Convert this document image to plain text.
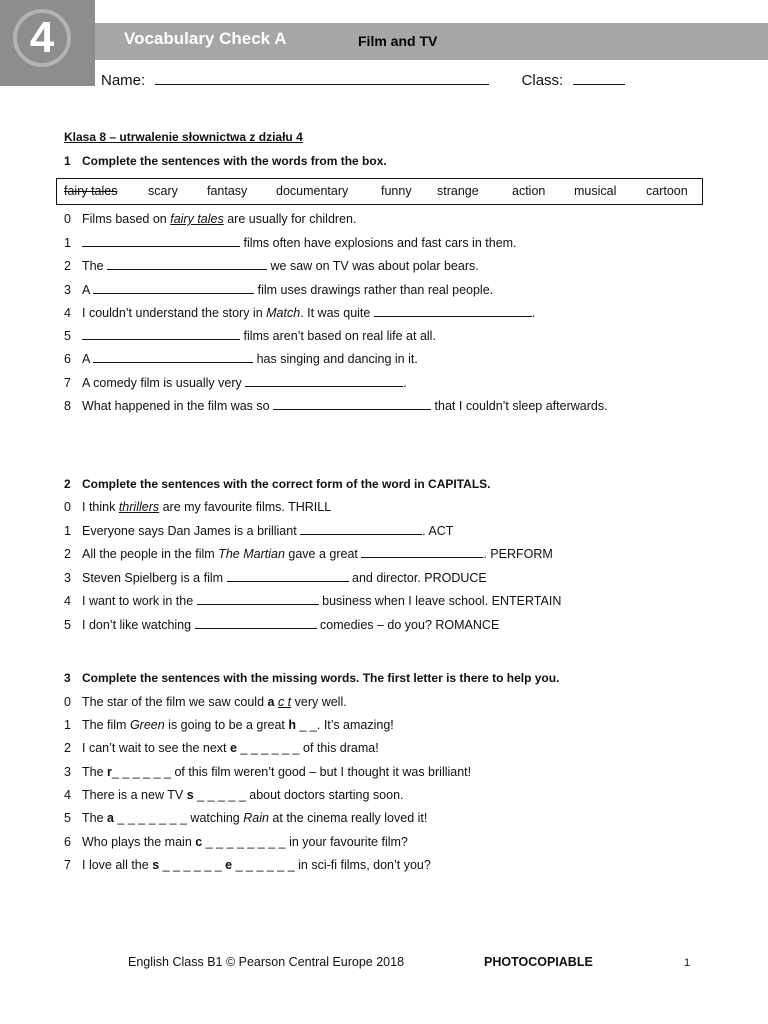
4	Vocabulary Check A	Film and TV
Name:	Class:
Klasa 8 – utrwalenie słownictwa z działu 4
1 Complete the sentences with the words from the box.
fairy tales scary fantasy documentary	funny strange	action musical cartoon
0 Films based on fairy tales are usually for children.
1	films often have explosions and fast cars in them.
2 The	we saw on TV was about polar bears.
3 A	film uses drawings rather than real people.
4 I couldn’t understand the story in Match. It was quite	.
5	films aren’t based on real life at all.
6 A	has singing and dancing in it.
7 A comedy film is usually very	.
8 What happened in the film was so	that I couldn’t sleep afterwards.
2 Complete the sentences with the correct form of the word in CAPITALS.
0 I think thrillers are my favourite films. THRILL
1 Everyone says Dan James is a brilliant	. ACT
2 All the people in the film The Martian gave a great	. PERFORM
3 Steven Spielberg is a film	and director. PRODUCE
4 I want to work in the	business when I leave school. ENTERTAIN
5 I don’t like watching	comedies – do you? ROMANCE
3 Complete the sentences with the missing words. The first letter is there to help you.
0 The star of the film we saw could a c t very well.
1 The film Green is going to be a great h _ _. It’s amazing!
2 I can’t wait to see the next e _ _ _ _ _ _ of this drama!
3 The r_ _ _ _ _ _ of this film weren’t good – but I thought it was brilliant!
4 There is a new TV s _ _ _ _ _ about doctors starting soon.
5 The a _ _ _ _ _ _ _ watching Rain at the cinema really loved it!
6 Who plays the main c _ _ _ _ _ _ _ _ in your favourite film?
7 I love all the s _ _ _ _ _ _ e _ _ _ _ _ _ in sci-fi films, don’t you?
English Class B1 © Pearson Central Europe 2018	PHOTOCOPIABLE	1
